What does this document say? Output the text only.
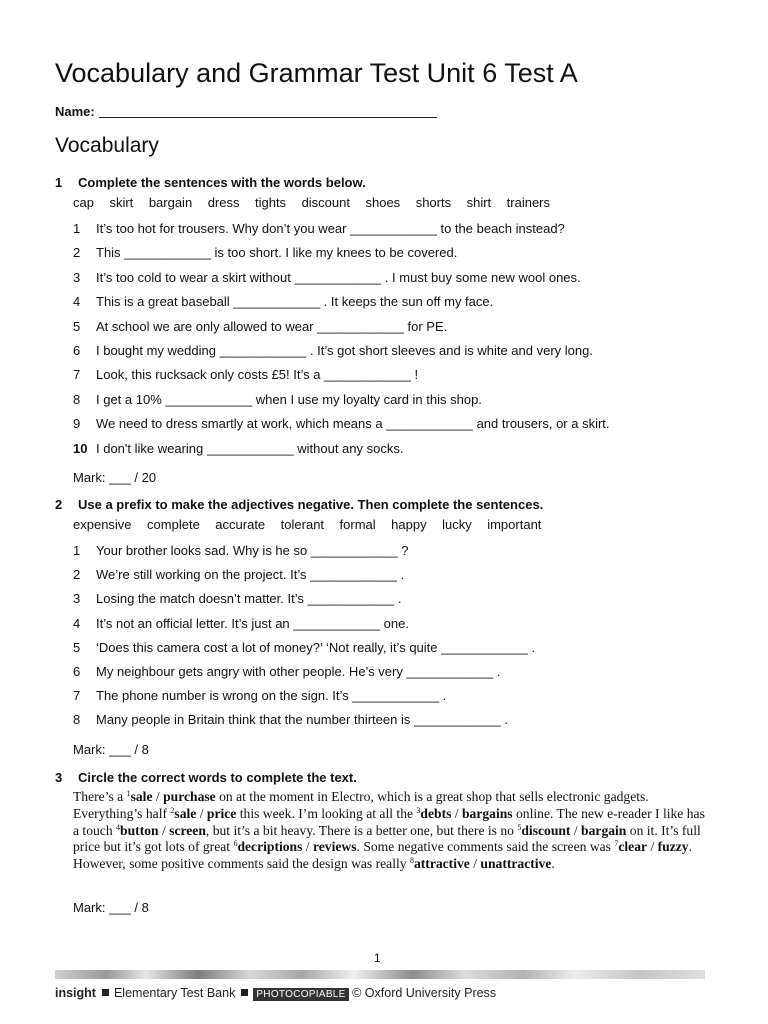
Vocabulary and Grammar Test Unit 6 Test A
Name:
Vocabulary
1 Complete the sentences with the words below.
cap skirt bargain dress tights discount shoes shorts shirt trainers
1 It’s too hot for trousers. Why don’t you wear ____________ to the beach instead?
2 This ____________ is too short. I like my knees to be covered.
3 It’s too cold to wear a skirt without ____________ . I must buy some new wool ones.
4 This is a great baseball ____________ . It keeps the sun off my face.
5 At school we are only allowed to wear ____________ for PE.
6 I bought my wedding ____________ . It’s got short sleeves and is white and very long.
7 Look, this rucksack only costs £5! It’s a ____________ !
8 I get a 10% ____________ when I use my loyalty card in this shop.
9 We need to dress smartly at work, which means a ____________ and trousers, or a skirt.
10 I don't like wearing ____________ without any socks.
Mark: ___ / 20
2 Use a prefix to make the adjectives negative. Then complete the sentences.
expensive complete accurate tolerant formal happy lucky important
1 Your brother looks sad. Why is he so ____________ ?
2 We’re still working on the project. It’s ____________ .
3 Losing the match doesn’t matter. It’s ____________ .
4 It’s not an official letter. It’s just an ____________ one.
5 ‘Does this camera cost a lot of money?’ ‘Not really, it’s quite ____________ .
6 My neighbour gets angry with other people. He’s very ____________ .
7 The phone number is wrong on the sign. It’s ____________ .
8 Many people in Britain think that the number thirteen is ____________ .
Mark: ___ / 8
3 Circle the correct words to complete the text.
There’s a $^1$sale / purchase on at the moment in Electro, which is a great shop that sells electronic gadgets. Everything’s half $^2$sale / price this week. I’m looking at all the $^3$debts / bargains online. The new e-reader I like has a touch $^4$button / screen, but it’s a bit heavy. There is a better one, but there is no $^5$discount / bargain on it. It’s full price but it’s got lots of great $^6$decriptions / reviews. Some negative comments said the screen was $^7$clear / fuzzy. However, some positive comments said the design was really $^8$attractive / unattractive.
Mark: ___ / 8
1
insight Elementary Test Bank PHOTOCOPIABLE © Oxford University Press
